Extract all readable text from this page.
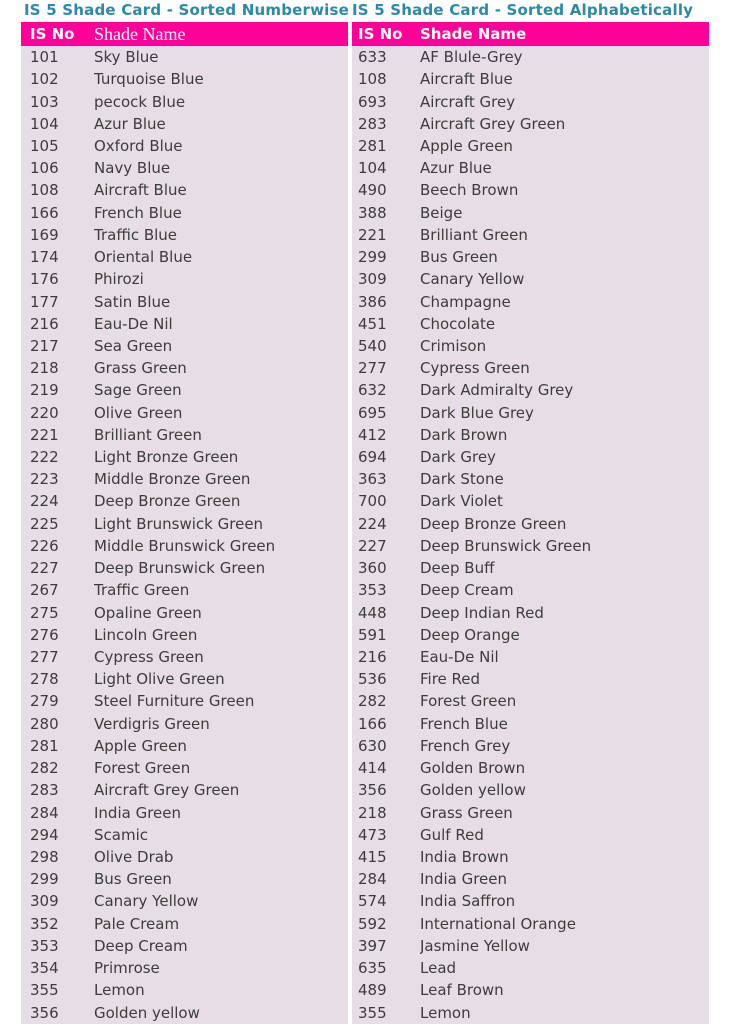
IS 5 Shade Card - Sorted Numberwise IS 5 Shade Card - Sorted Alphabetically
IS No	Shade Name
101	Sky Blue
102	Turquoise Blue
103	pecock Blue
104	Azur Blue
105	Oxford Blue
106	Navy Blue
108	Aircraft Blue
166	French Blue
169	Traffic Blue
174	Oriental Blue
176	Phirozi
177	Satin Blue
216	Eau-De Nil
217	Sea Green
218	Grass Green
219	Sage Green
220	Olive Green
221	Brilliant Green
222	Light Bronze Green
223	Middle Bronze Green
224	Deep Bronze Green
225	Light Brunswick Green
226	Middle Brunswick Green
227	Deep Brunswick Green
267	Traffic Green
275	Opaline Green
276	Lincoln Green
277	Cypress Green
278	Light Olive Green
279	Steel Furniture Green
280	Verdigris Green
281	Apple Green
282	Forest Green
283	Aircraft Grey Green
284	India Green
294	Scamic
298	Olive Drab
299	Bus Green
309	Canary Yellow
352	Pale Cream
353	Deep Cream
354	Primrose
355	Lemon
356	Golden yellow
IS No	Shade Name
633	AF Blule-Grey
108	Aircraft Blue
693	Aircraft Grey
283	Aircraft Grey Green
281	Apple Green
104	Azur Blue
490	Beech Brown
388	Beige
221	Brilliant Green
299	Bus Green
309	Canary Yellow
386	Champagne
451	Chocolate
540	Crimison
277	Cypress Green
632	Dark Admiralty Grey
695	Dark Blue Grey
412	Dark Brown
694	Dark Grey
363	Dark Stone
700	Dark Violet
224	Deep Bronze Green
227	Deep Brunswick Green
360	Deep Buff
353	Deep Cream
448	Deep Indian Red
591	Deep Orange
216	Eau-De Nil
536	Fire Red
282	Forest Green
166	French Blue
630	French Grey
414	Golden Brown
356	Golden yellow
218	Grass Green
473	Gulf Red
415	India Brown
284	India Green
574	India Saffron
592	International Orange
397	Jasmine Yellow
635	Lead
489	Leaf Brown
355	Lemon
